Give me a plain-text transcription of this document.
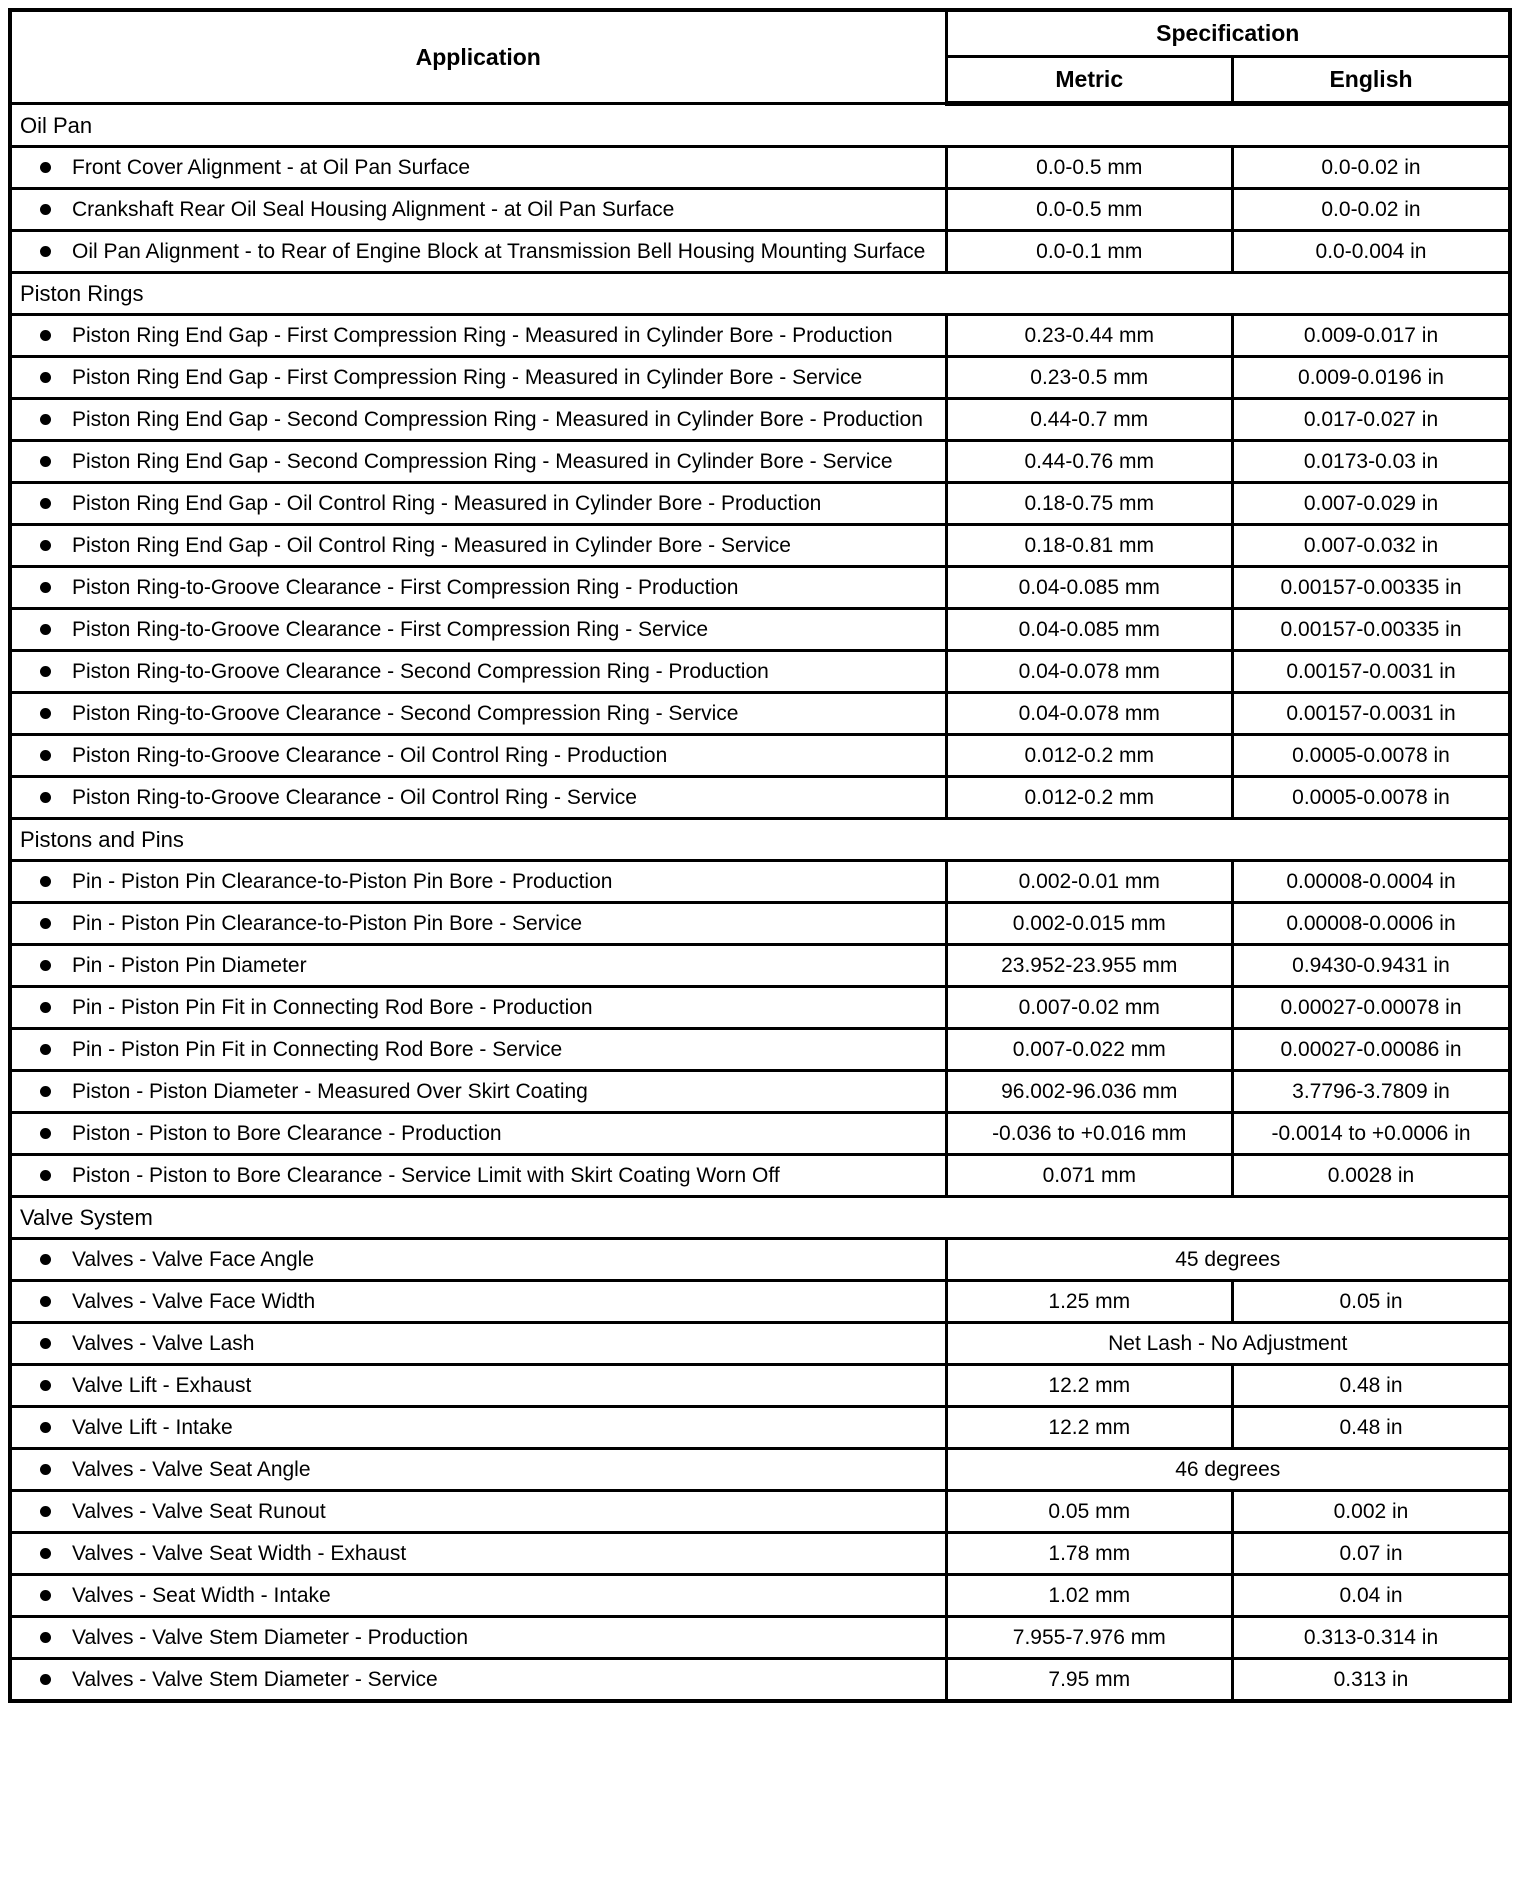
Application	Specification	
	Metric	English
Oil Pan		

Front Cover Alignment - at Oil Pan Surface	0.0-0.5 mm	0.0-0.02 in

Crankshaft Rear Oil Seal Housing Alignment - at Oil Pan Surface	0.0-0.5 mm	0.0-0.02 in

Oil Pan Alignment - to Rear of Engine Block at Transmission Bell Housing Mounting Surface	0.0-0.1 mm	0.0-0.004 in
Piston Rings		

Piston Ring End Gap - First Compression Ring - Measured in Cylinder Bore - Production	0.23-0.44 mm	0.009-0.017 in

Piston Ring End Gap - First Compression Ring - Measured in Cylinder Bore - Service	0.23-0.5 mm	0.009-0.0196 in

Piston Ring End Gap - Second Compression Ring - Measured in Cylinder Bore - Production	0.44-0.7 mm	0.017-0.027 in

Piston Ring End Gap - Second Compression Ring - Measured in Cylinder Bore - Service	0.44-0.76 mm	0.0173-0.03 in

Piston Ring End Gap - Oil Control Ring - Measured in Cylinder Bore - Production	0.18-0.75 mm	0.007-0.029 in

Piston Ring End Gap - Oil Control Ring - Measured in Cylinder Bore - Service	0.18-0.81 mm	0.007-0.032 in

Piston Ring-to-Groove Clearance - First Compression Ring - Production	0.04-0.085 mm	0.00157-0.00335 in

Piston Ring-to-Groove Clearance - First Compression Ring - Service	0.04-0.085 mm	0.00157-0.00335 in

Piston Ring-to-Groove Clearance - Second Compression Ring - Production	0.04-0.078 mm	0.00157-0.0031 in

Piston Ring-to-Groove Clearance - Second Compression Ring - Service	0.04-0.078 mm	0.00157-0.0031 in

Piston Ring-to-Groove Clearance - Oil Control Ring - Production	0.012-0.2 mm	0.0005-0.0078 in

Piston Ring-to-Groove Clearance - Oil Control Ring - Service	0.012-0.2 mm	0.0005-0.0078 in
Pistons and Pins		

Pin - Piston Pin Clearance-to-Piston Pin Bore - Production	0.002-0.01 mm	0.00008-0.0004 in

Pin - Piston Pin Clearance-to-Piston Pin Bore - Service	0.002-0.015 mm	0.00008-0.0006 in

Pin - Piston Pin Diameter	23.952-23.955 mm	0.9430-0.9431 in

Pin - Piston Pin Fit in Connecting Rod Bore - Production	0.007-0.02 mm	0.00027-0.00078 in

Pin - Piston Pin Fit in Connecting Rod Bore - Service	0.007-0.022 mm	0.00027-0.00086 in

Piston - Piston Diameter - Measured Over Skirt Coating	96.002-96.036 mm	3.7796-3.7809 in

Piston - Piston to Bore Clearance - Production	-0.036 to +0.016 mm	-0.0014 to +0.0006 in

Piston - Piston to Bore Clearance - Service Limit with Skirt Coating Worn Off	0.071 mm	0.0028 in
Valve System		

Valves - Valve Face Angle	45 degrees	

Valves - Valve Face Width	1.25 mm	0.05 in

Valves - Valve Lash	Net Lash - No Adjustment	

Valve Lift - Exhaust	12.2 mm	0.48 in

Valve Lift - Intake	12.2 mm	0.48 in

Valves - Valve Seat Angle	46 degrees	

Valves - Valve Seat Runout	0.05 mm	0.002 in

Valves - Valve Seat Width - Exhaust	1.78 mm	0.07 in

Valves - Seat Width - Intake	1.02 mm	0.04 in

Valves - Valve Stem Diameter - Production	7.955-7.976 mm	0.313-0.314 in

Valves - Valve Stem Diameter - Service	7.95 mm	0.313 in
